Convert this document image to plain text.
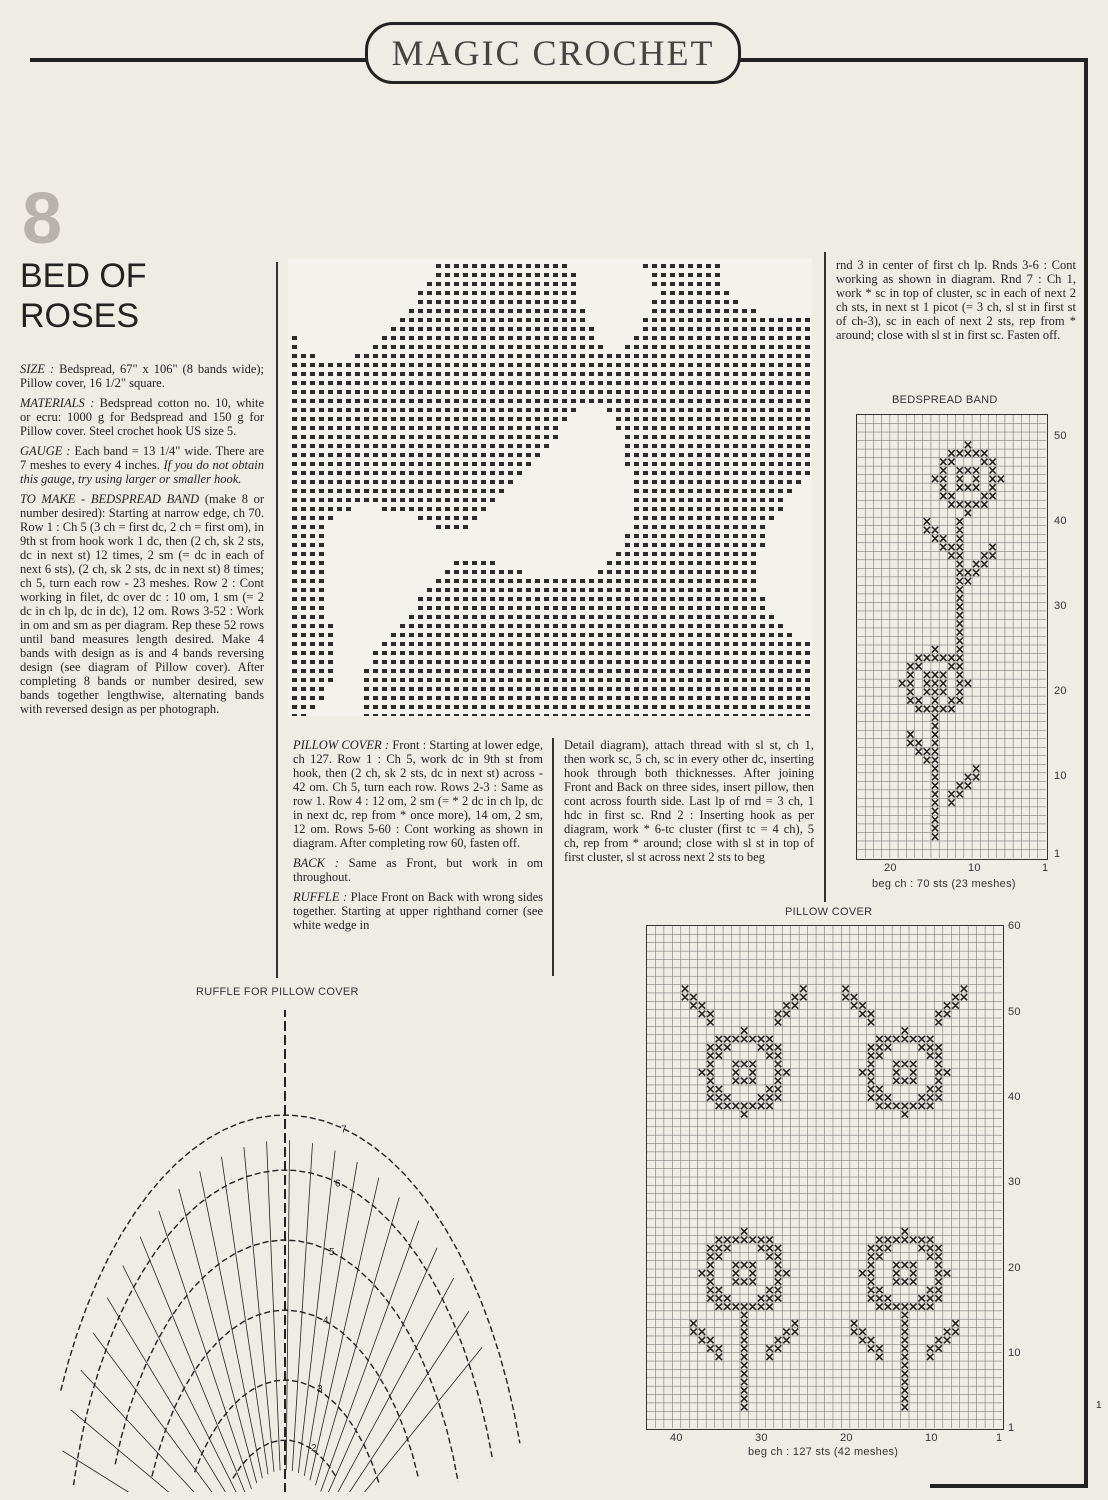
MAGIC CROCHET
8
BED OF
ROSES

SIZE : Bedspread, 67" x 106" (8 bands wide); Pillow cover, 16 1/2" square.

MATERIALS : Bedspread cotton no. 10, white or ecru: 1000 g for Bedspread and 150 g for Pillow cover. Steel crochet hook US size 5.

GAUGE : Each band = 13 1/4" wide. There are 7 meshes to every 4 inches. If you do not obtain this gauge, try using larger or smaller hook.

TO MAKE - BEDSPREAD BAND (make 8 or number desired): Starting at narrow edge, ch 70. Row 1 : Ch 5 (3 ch = first dc, 2 ch = first om), in 9th st from hook work 1 dc, then (2 ch, sk 2 sts, dc in next st) 12 times, 2 sm (= dc in each of next 6 sts), (2 ch, sk 2 sts, dc in next st) 8 times; ch 5, turn each row - 23 meshes. Row 2 : Cont working in filet, dc over dc : 10 om, 1 sm (= 2 dc in ch lp, dc in dc), 12 om. Rows 3-52 : Work in om and sm as per diagram. Rep these 52 rows until band measures length desired. Make 4 bands with design as is and 4 bands reversing design (see diagram of Pillow cover). After completing 8 bands or number desired, sew bands together lengthwise, alternating bands with reversed design as per photograph.

PILLOW COVER : Front : Starting at lower edge, ch 127. Row 1 : Ch 5, work dc in 9th st from hook, then (2 ch, sk 2 sts, dc in next st) across - 42 om. Ch 5, turn each row. Rows 2-3 : Same as row 1. Row 4 : 12 om, 2 sm (= * 2 dc in ch lp, dc in next dc, rep from * once more), 14 om, 2 sm, 12 om. Rows 5-60 : Cont working as shown in diagram. After completing row 60, fasten off.

BACK : Same as Front, but work in om throughout.

RUFFLE : Place Front on Back with wrong sides together. Starting at upper righthand corner (see white wedge in

Detail diagram), attach thread with sl st, ch 1, then work sc, 5 ch, sc in every other dc, inserting hook through both thicknesses. After joining Front and Back on three sides, insert pillow, then cont across fourth side. Last lp of rnd = 3 ch, 1 hdc in first sc. Rnd 2 : Inserting hook as per diagram, work * 6-tc cluster (first tc = 4 ch), 5 ch, rep from * around; close with sl st in top of first cluster, sl st across next 2 sts to beg

rnd 3 in center of first ch lp. Rnds 3-6 : Cont working as shown in diagram. Rnd 7 : Ch 1, work * sc in top of cluster, sc in each of next 2 ch sts, in next st 1 picot (= 3 ch, sl st in first st of ch-3), sc in each of next 2 sts, rep from * around; close with sl st in first sc. Fasten off.

BEDSPREAD BAND
50
40
30
20
10
1
20	10	1
beg ch : 70 sts (23 meshes)
PILLOW COVER
60
50
40
30
20
10
1
40	30	20	10	1
beg ch : 127 sts (42 meshes)
RUFFLE FOR PILLOW COVER
2
3
4
5
6
7
1
